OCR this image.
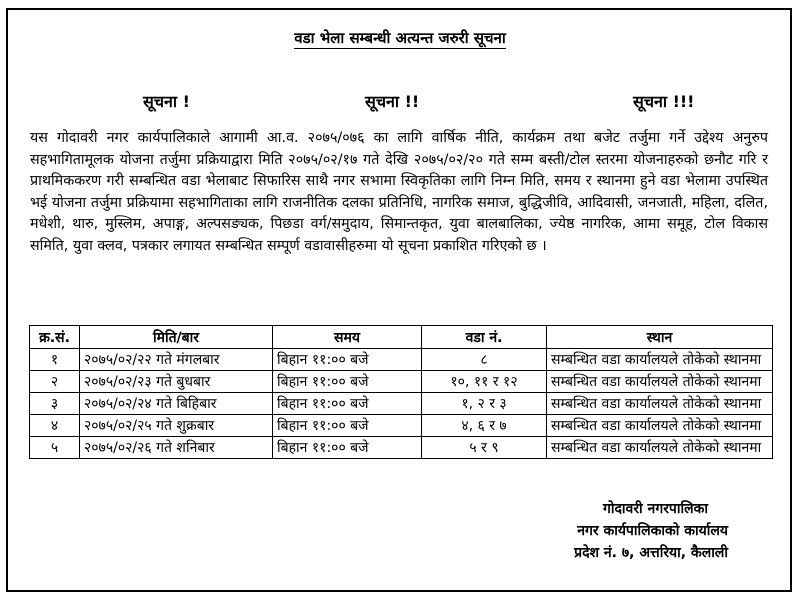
वडा भेला सम्बन्धी अत्यन्त जरुरी सूचना
सूचना !	सूचना !!	सूचना !!!

यस गोदावरी नगर कार्यपालिकाले आगामी आ.व. २०७५/०७६ का लागि वार्षिक नीति, कार्यक्रम तथा बजेट तर्जुमा गर्ने उद्देश्य अनुरुप सहभागितामूलक योजना तर्जुमा प्रक्रियाद्वारा मिति २०७५/०२/१७ गते देखि २०७५/०२/२० गते सम्म बस्ती/टोल स्तरमा योजनाहरुको छनौट गरि र प्राथमिककरण गरी सम्बन्धित वडा भेलाबाट सिफारिस साथै नगर सभामा स्विकृतिका लागि निम्न मिति, समय र स्थानमा हुने वडा भेलामा उपस्थित भई योजना तर्जुमा प्रक्रियामा सहभागिताका लागि राजनीतिक दलका प्रतिनिधि, नागरिक समाज, बुद्धिजीवि, आदिवासी, जनजाती, महिला, दलित, मधेशी, थारु, मुस्लिम, अपाङ्ग, अल्पसङ्यक, पिछडा वर्ग/समुदाय, सिमान्तकृत, युवा बालबालिका, ज्येष्ठ नागरिक, आमा समूह, टोल विकास समिति, युवा क्लव, पत्रकार लगायत सम्बन्धित सम्पूर्ण वडावासीहरुमा यो सूचना प्रकाशित गरिएको छ ।

क्र.सं.	मिति/बार	समय	वडा नं.	स्थान
१	२०७५/०२/२२ गते मंगलबार	बिहान ११:०० बजे	८	सम्बन्धित वडा कार्यालयले तोकेको स्थानमा
२	२०७५/०२/२३ गते बुधबार	बिहान ११:०० बजे	१०, ११ र १२	सम्बन्धित वडा कार्यालयले तोकेको स्थानमा
३	२०७५/०२/२४ गते बिहिबार	बिहान ११:०० बजे	१, २ र ३	सम्बन्धित वडा कार्यालयले तोकेको स्थानमा
४	२०७५/०२/२५ गते शुक्रबार	बिहान ११:०० बजे	४, ६ र ७	सम्बन्धित वडा कार्यालयले तोकेको स्थानमा
५	२०७५/०२/२६ गते शनिबार	बिहान ११:०० बजे	५ र ९	सम्बन्धित वडा कार्यालयले तोकेको स्थानमा
गोदावरी नगरपालिका
नगर कार्यपालिकाको कार्यालय
प्रदेश नं. ७, अत्तरिया, कैलाली
